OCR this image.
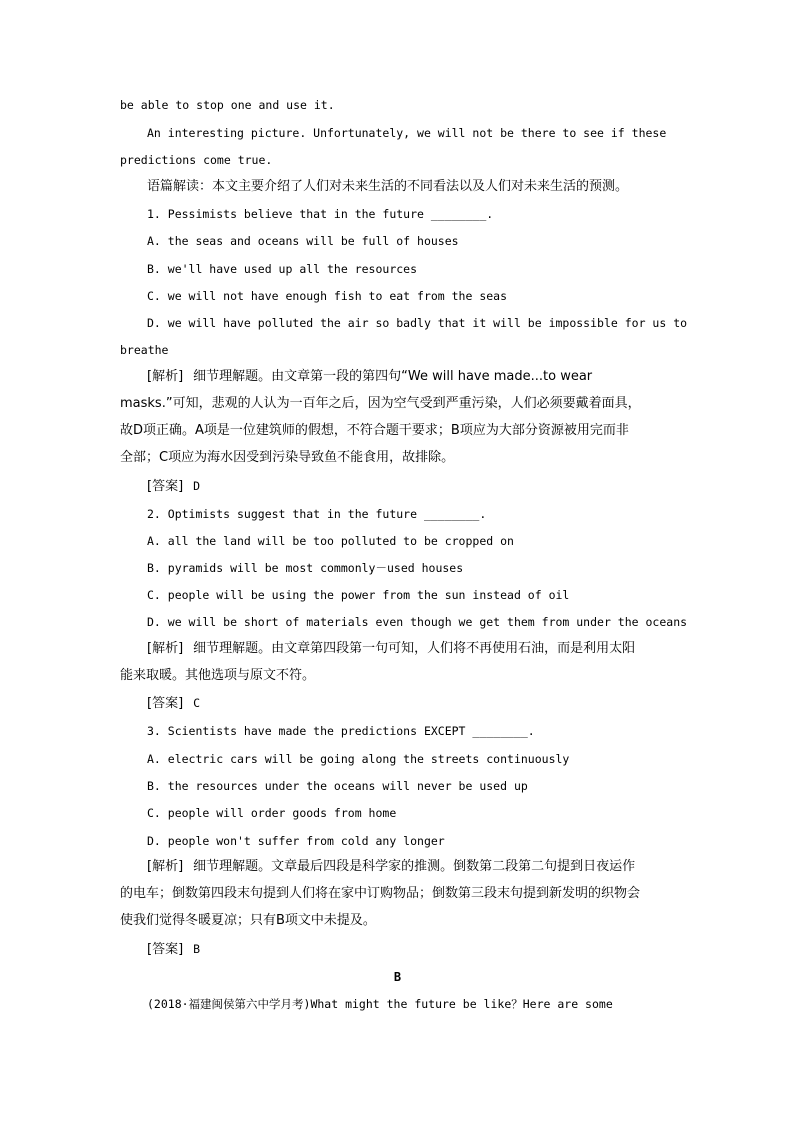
be able to stop one and use it.
An interesting picture. Unfortunately, we will not be there to see if these
predictions come true.
语篇解读：本文主要介绍了人们对未来生活的不同看法以及人们对未来生活的预测。
1. Pessimists believe that in the future ________.
A. the seas and oceans will be full of houses
B. we'll have used up all the resources
C. we will not have enough fish to eat from the seas
D. we will have polluted the air so badly that it will be impossible for us to
breathe
[解析] 细节理解题。由文章第一段的第四句“We will have made...to wear
masks.”可知，悲观的人认为一百年之后，因为空气受到严重污染，人们必须要戴着面具，
故D项正确。A项是一位建筑师的假想，不符合题干要求；B项应为大部分资源被用完而非
全部；C项应为海水因受到污染导致鱼不能食用，故排除。
[答案] D
2. Optimists suggest that in the future ________.
A. all the land will be too polluted to be cropped on
B. pyramids will be most commonly－used houses
C. people will be using the power from the sun instead of oil
D. we will be short of materials even though we get them from under the oceans
[解析] 细节理解题。由文章第四段第一句可知，人们将不再使用石油，而是利用太阳
能来取暖。其他选项与原文不符。
[答案] C
3. Scientists have made the predictions EXCEPT ________.
A. electric cars will be going along the streets continuously
B. the resources under the oceans will never be used up
C. people will order goods from home
D. people won't suffer from cold any longer
[解析] 细节理解题。文章最后四段是科学家的推测。倒数第二段第二句提到日夜运作
的电车；倒数第四段末句提到人们将在家中订购物品；倒数第三段末句提到新发明的织物会
使我们觉得冬暖夏凉；只有B项文中未提及。
[答案] B
B
(2018·福建闽侯第六中学月考)What might the future be like？Here are some
